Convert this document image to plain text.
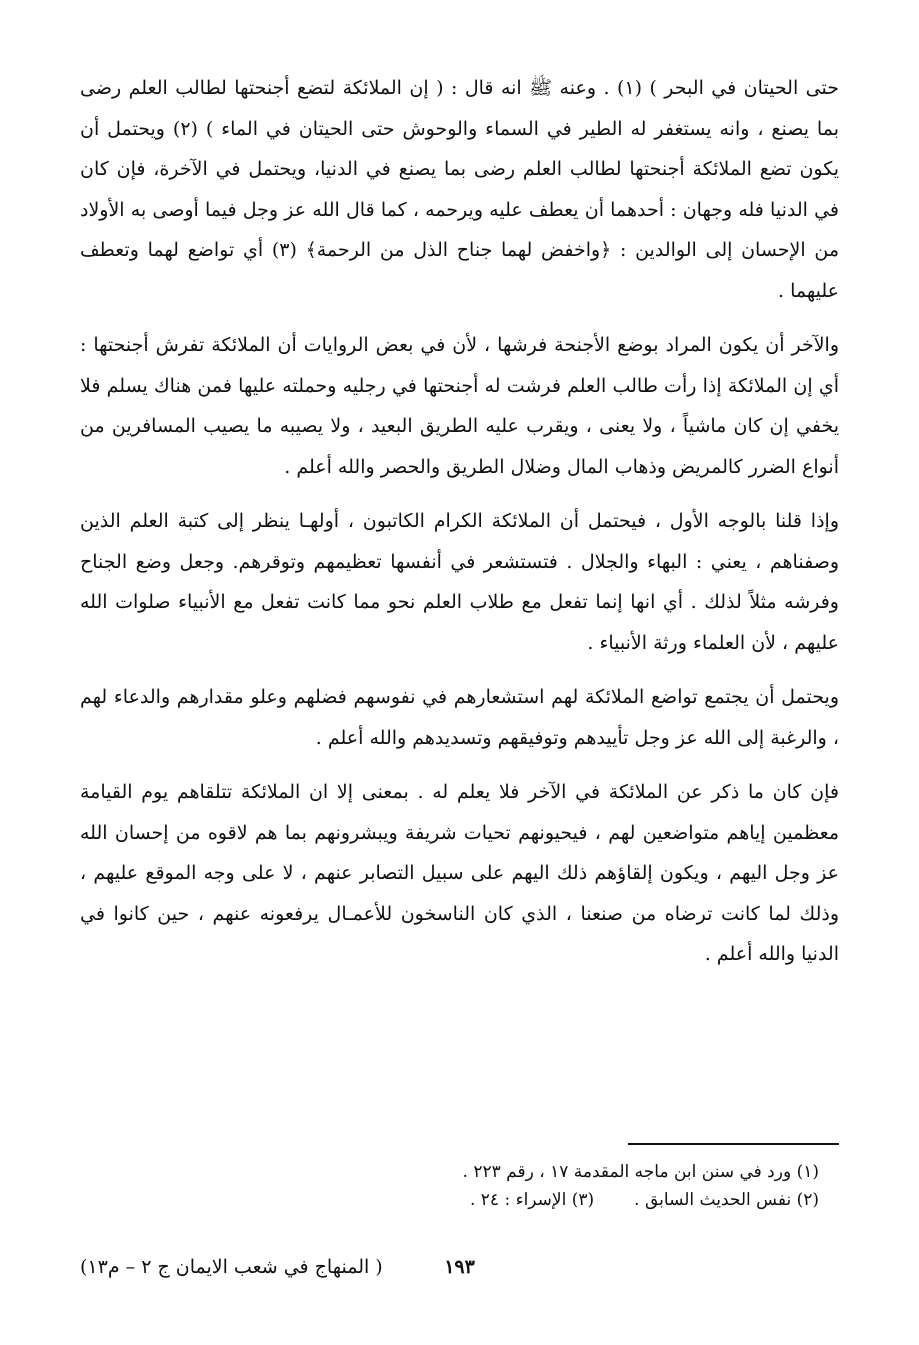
حتى الحيتان في البحر ) (١) . وعنه ﷺ انه قال : ( إن الملائكة لتضع أجنحتها لطالب العلم رضى بما يصنع ، وانه يستغفر له الطير في السماء والوحوش حتى الحيتان في الماء ) (٢) ويحتمل أن يكون تضع الملائكة أجنحتها لطالب العلم رضى بما يصنع في الدنيا، ويحتمل في الآخرة، فإن كان في الدنيا فله وجهان : أحدهما أن يعطف عليه ويرحمه ، كما قال الله عز وجل فيما أوصى به الأولاد من الإحسان إلى الوالدين : ﴿واخفض لهما جناح الذل من الرحمة﴾ (٣) أي تواضع لهما وتعطف عليهما .

والآخر أن يكون المراد بوضع الأجنحة فرشها ، لأن في بعض الروايات أن الملائكة تفرش أجنحتها : أي إن الملائكة إذا رأت طالب العلم فرشت له أجنحتها في رجليه وحملته عليها فمن هناك يسلم فلا يخفي إن كان ماشياً ، ولا يعنى ، ويقرب عليه الطريق البعيد ، ولا يصيبه ما يصيب المسافرين من أنواع الضرر كالمريض وذهاب المال وضلال الطريق والحصر والله أعلم .

وإذا قلنا بالوجه الأول ، فيحتمل أن الملائكة الكرام الكاتبون ، أولهـا ينظر إلى كتبة العلم الذين وصفناهم ، يعني : البهاء والجلال . فتستشعر في أنفسها تعظيمهم وتوقرهم. وجعل وضع الجناح وفرشه مثلاً لذلك . أي انها إنما تفعل مع طلاب العلم نحو مما كانت تفعل مع الأنبياء صلوات الله عليهم ، لأن العلماء ورثة الأنبياء .

ويحتمل أن يجتمع تواضع الملائكة لهم استشعارهم في نفوسهم فضلهم وعلو مقدارهم والدعاء لهم ، والرغبة إلى الله عز وجل تأييدهم وتوفيقهم وتسديدهم والله أعلم .

فإن كان ما ذكر عن الملائكة في الآخر فلا يعلم له . بمعنى إلا ان الملائكة تتلقاهم يوم القيامة معظمين إياهم متواضعين لهم ، فيحيونهم تحيات شريفة ويبشرونهم بما هم لاقوه من إحسان الله عز وجل اليهم ، ويكون إلقاؤهم ذلك اليهم على سبيل التصابر عنهم ، لا على وجه الموقع عليهم ، وذلك لما كانت ترضاه من صنعنا ، الذي كان الناسخون للأعمـال يرفعونه عنهم ، حين كانوا في الدنيا والله أعلم .

(١) ورد في سنن ابن ماجه المقدمة ١٧ ، رقم ٢٢٣ .
(٢) نفس الحديث السابق .
(٣) الإسراء : ٢٤ .
١٩٣
( المنهاج في شعب الايمان ج ٢ – م١٣)
